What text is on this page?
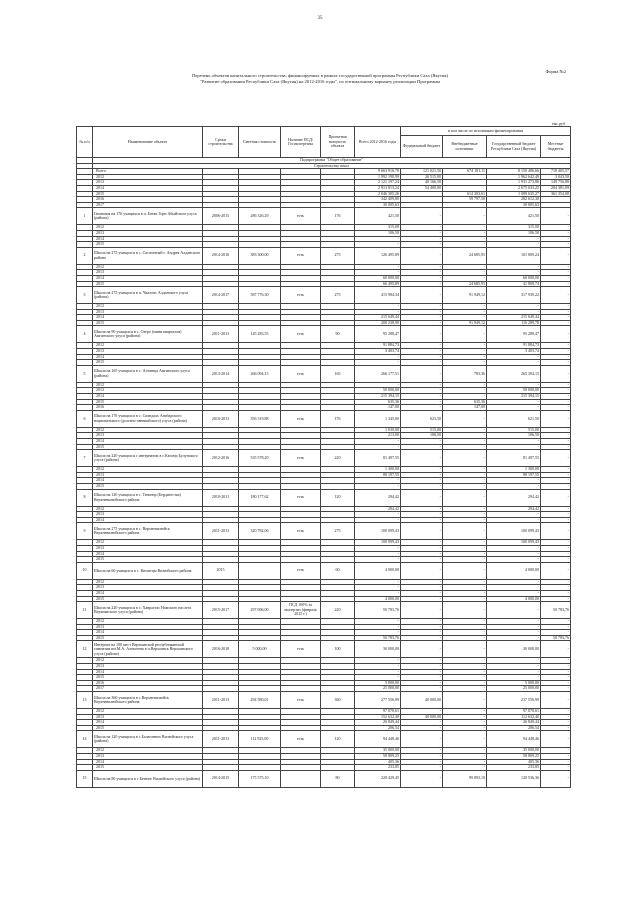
35
Форма №2
Перечень объектов капитального строительства, финансируемых в рамках государственной программы Республики Саха (Якутия)
"Развитие образования Республики Саха (Якутия) на 2012-2016 годы", по оптимальному варианту реализации Программы
тыс.руб.
№ п/п	Наименование объекта	Сроки строительства	Сметная стоимость	Наличие ПСД/ Госэкспертизы	Проектная мощность объекта	Всего 2012-2016 годы	в том числе по источникам финансирования			
							Федеральный бюджет	Внебюджетные источники	Государственный бюджет Республики Саха (Якутия)	Местные бюджеты
	Подпрограмма "Общее образование"									
	Строительство школ									
	Всего					9 663 916,78	121 021,50	674 101,11	8 150 486,66	718 405,57
	2012					1 992 190,99	26 515,00		1 962 642,49	3 043,50
	2013					2 121 197,24	40 166,50		1 931 273,86	149 756,88
	2014					2 913 813,24	54 400,00		2 675 033,25	204 381,09
	2015					2 046 305,26		614 303,61	1 089 635,27	361 354,08
	2016					342 409,80		59 797,50	282 612,30	
	2017					30 005,63			30 005,63	
1	Гимназия на 176 учащихся в п. Батаи Горн Абыйского улуса (района)	2006-2015	286 326,29	есть	176	421,50	-	-	421,50	-
	2012					315,00	-	-	315,00	-
	2013					106,50	-	-	106,50	-
	2014					-	-	-	-	-
	2015					-	-	-	-	-
2	Школа на 275 учащихся в с. Сасагачтый г. Андрея Алданского района	2014-2016	383 300,00	есть	275	126 495,89	-	24 685,95	101 809,24	-
	2012					-	-	-	-	-
	2013					-	-	-	-	-
	2014					60 000,00	-	-	60 000,00	-
	2015					66 495,89	-	24 685,95	41 809,74	-
3	Школа на 275 учащихся в п. Чкаловс Алданского улуса (района)	2014-2017	587 776,30	есть	275	415 984,34	-	91 949,12	317 939,22	-
	2012					-	-	-	-	-
	2013					-	-	-	-	-
	2014					215 649,44	-	-	215 649,44	-
	2015					200 238,90	-	91 949,12	116 289,78	-
4	Школа на 90 учащихся в с. Озеро (мини кварталов) Амгинского улуса (района)	2011-2013	145 283,55	есть	90	95 288,47	-	-	95 288,47	-
	2012					91 884,73	-	-	91 884,73	-
	2013					3 403,74	-	-	3 403,74	-
	2014					-	-	-	-	-
	2015					-	-	-	-	-
5	Школа на 165 учащихся в с. Алтанцы Амгинского улуса (района)	2013-2014	266 094,15	есть	165	266 177,51	-	783,36	265 394,15	-
	2012					-	-	-	-	-
	2013					50 000,00	-	-	50 000,00	-
	2014					215 394,15	-	-	215 394,15	-
	2015					635,36	-	635,36	-	-
	2016					147,00	-	147,00	-	-
6	Школа на 176 учащихся в с. Сиэндаах Анабарского национального (долгано-эвенкийского) улуса (района)	2010-2013	356 319,88	есть	176	1 345,00	623,50	-	621,50	-
	2012					1 030,00	515,00	-	515,00	-
	2013					213,00	106,50	-	106,50	-
	2014					-	-	-	-	-
	2015					-	-	-	-	-
7	Школа на 220 учащихся с интернатом в с.Кюсюр Булунского улуса (района)	2012-2016	535 578,20	есть	220	81 497,55	-	-	81 497,55	-
	2012					1 300,00	-	-	1 300,00	-
	2013					80 197,55	-	-	80 197,55	-
	2014					-	-	-	-	-
	2015					-	-	-	-	-
8	Школа на 120 учащихся в с. Тюктюр (Бердигестях) Верхневилюйского района	2010-2011	180 177,62	есть	120	294,42	-	-	294,42	-
	2012					294,42	-	-	294,42	-
	2013					-	-	-	-	-
	2014					-	-	-	-	-
9	Школа на 275 учащихся в с. Верхневилюйск Верхневилюйского района	2011-2013	320 782,06	есть	275	100 099,43	-	-	100 099,43	-
	2012					100 099,43	-	-	100 099,43	-
	2013					-	-	-	-	-
	2014					-	-	-	-	-
	2015					-	-	-	-	-
10	Школа на 60 учащихся в с. Кюлятцы Вилюйского района	2015		есть	60	4 000,00	-	-	4 000,00	-
	2012					-	-	-	-	-
	2013					-	-	-	-	-
	2014					-	-	-	-	-
	2015					4 000,00	-	-	4 000,00	-
11	Школа на 220 учащихся в с. Хаврастас Намского наслега Верхоянского улуса (района)	2015-2017	297 696,00	ПСД 100% за экспертиз (февраль 2015 г.)	220	50 783,76	-	-	-	50 783,76
	2012					-	-	-	-	-
	2013					-	-	-	-	-
	2014					-	-	-	-	-
	2015					50 783,76	-	-	-	50 783,76
12	Интернат на 100 мест Верхоянской республиканской гимназии им.М.А. Алексеева в п.Верхоянск Верхоянского улуса (района)	2016-2018	5 000,00	есть	100	30 000,00	-	-	30 000,00	-
	2012					-	-	-	-	-
	2013					-	-	-	-	-
	2014					-	-	-	-	-
	2015					-	-	-	-	-
	2016					5 000,00	-	-	5 000,00	-
	2017					25 000,00	-	-	25 000,00	-
13	Школа на 360 учащихся в с.Верхневилюйск Верхневилюйского района	2011-2013	294 580,01	есть	360	277 556,99	40 000,00	-	237 556,99	-
	2012					97 878,61	-	-	97 878,61	-
	2013					152 632,40	40 000,00	-	112 632,40	-
	2014					26 849,44	-	-	26 849,44	-
	2015					206,54	-	-	206,54	-
14	Школа на 120 учащихся в с.Балаганнах Вилюйского улуса (района)	2011-2013	112 925,00	есть	120	94 448,46	-	-	94 448,46	-
	2012					35 000,00	-	-	35 000,00	-
	2013					58 809,25	-	-	58 809,25	-
	2014					405,36	-	-	405,36	-
	2015					233,85	-	-	233,85	-
15	Школа на 80 учащихся в с.Бетюнг Вилюйского улуса (района)	2014-2015	175 575,10		80	220 429,45	-	99 893,10	120 536,36	-
